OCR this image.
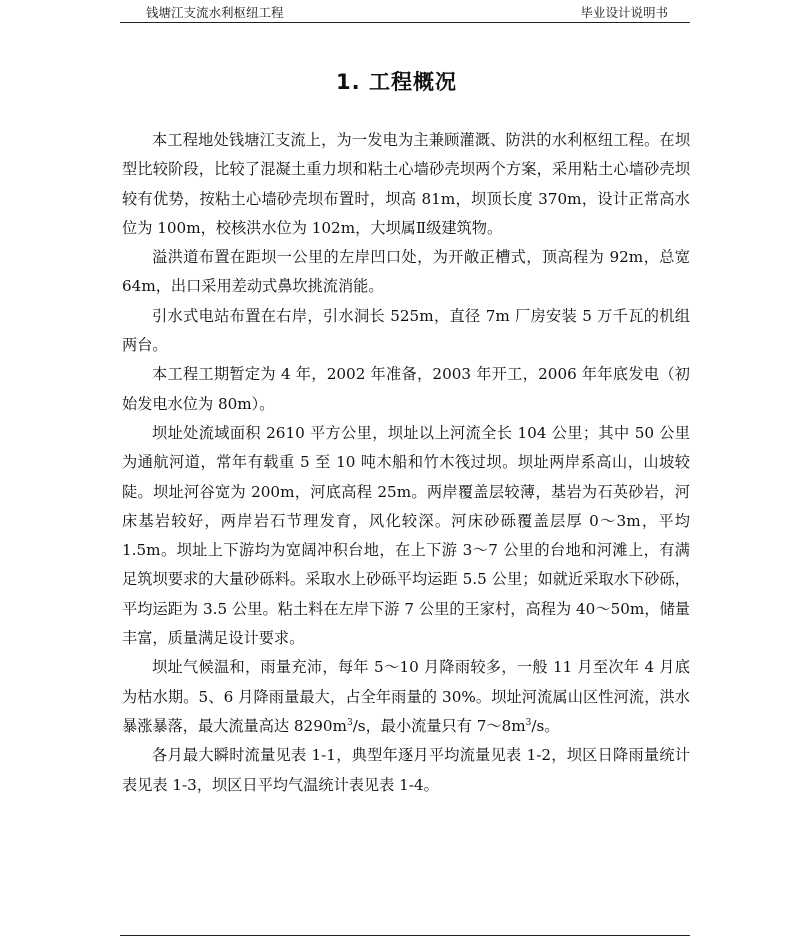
钱塘江支流水利枢纽工程	毕业设计说明书
1. 工程概况

本工程地处钱塘江支流上，为一发电为主兼顾灌溉、防洪的水利枢纽工程。在坝型比较阶段，比较了混凝土重力坝和粘土心墙砂壳坝两个方案，采用粘土心墙砂壳坝较有优势，按粘土心墙砂壳坝布置时，坝高 81m，坝顶长度 370m，设计正常高水位为 100m，校核洪水位为 102m，大坝属Ⅱ级建筑物。

溢洪道布置在距坝一公里的左岸凹口处，为开敞正槽式，顶高程为 92m，总宽 64m，出口采用差动式鼻坎挑流消能。

引水式电站布置在右岸，引水洞长 525m，直径 7m 厂房安装 5 万千瓦的机组两台。

本工程工期暂定为 4 年，2002 年准备，2003 年开工，2006 年年底发电（初始发电水位为 80m）。

坝址处流域面积 2610 平方公里，坝址以上河流全长 104 公里；其中 50 公里为通航河道，常年有载重 5 至 10 吨木船和竹木筏过坝。坝址两岸系高山，山坡较陡。坝址河谷宽为 200m，河底高程 25m。两岸覆盖层较薄，基岩为石英砂岩，河床基岩较好，两岸岩石节理发育，风化较深。河床砂砾覆盖层厚 0～3m，平均 1.5m。坝址上下游均为宽阔冲积台地，在上下游 3～7 公里的台地和河滩上，有满足筑坝要求的大量砂砾料。采取水上砂砾平均运距 5.5 公里；如就近采取水下砂砾，平均运距为 3.5 公里。粘土料在左岸下游 7 公里的王家村，高程为 40～50m，储量丰富，质量满足设计要求。

坝址气候温和，雨量充沛，每年 5～10 月降雨较多，一般 11 月至次年 4 月底为枯水期。5、6 月降雨量最大，占全年雨量的 30%。坝址河流属山区性河流，洪水暴涨暴落，最大流量高达 $8290m^3/s$，最小流量只有 $7\sim 8m^3/s$。

各月最大瞬时流量见表 1-1，典型年逐月平均流量见表 1-2，坝区日降雨量统计表见表 1-3，坝区日平均气温统计表见表 1-4。
